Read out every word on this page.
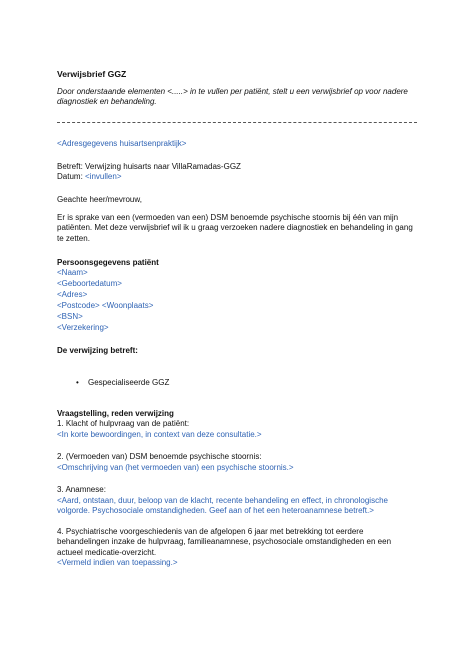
Verwijsbrief GGZ
Door onderstaande elementen <.....> in te vullen per patiënt, stelt u een verwijsbrief op voor nadere diagnostiek en behandeling.
<Adresgegevens huisartsenpraktijk>
Betreft: Verwijzing huisarts naar VillaRamadas-GGZ
Datum: <invullen>
Geachte heer/mevrouw,
Er is sprake van een (vermoeden van een) DSM benoemde psychische stoornis bij één van mijn patiënten. Met deze verwijsbrief wil ik u graag verzoeken nadere diagnostiek en behandeling in gang te zetten.
Persoonsgegevens patiënt
<Naam>
<Geboortedatum>
<Adres>
<Postcode> <Woonplaats>
<BSN>
<Verzekering>
De verwijzing betreft:
•	Gespecialiseerde GGZ
Vraagstelling, reden verwijzing
1. Klacht of hulpvraag van de patiënt:
<In korte bewoordingen, in context van deze consultatie.>
2. (Vermoeden van) DSM benoemde psychische stoornis:
<Omschrijving van (het vermoeden van) een psychische stoornis.>
3. Anamnese:
<Aard, ontstaan, duur, beloop van de klacht, recente behandeling en effect, in chronologische volgorde. Psychosociale omstandigheden. Geef aan of het een heteroanamnese betreft.>
4. Psychiatrische voorgeschiedenis van de afgelopen 6 jaar met betrekking tot eerdere behandelingen inzake de hulpvraag, familieanamnese, psychosociale omstandigheden en een actueel medicatie-overzicht.
<Vermeld indien van toepassing.>
